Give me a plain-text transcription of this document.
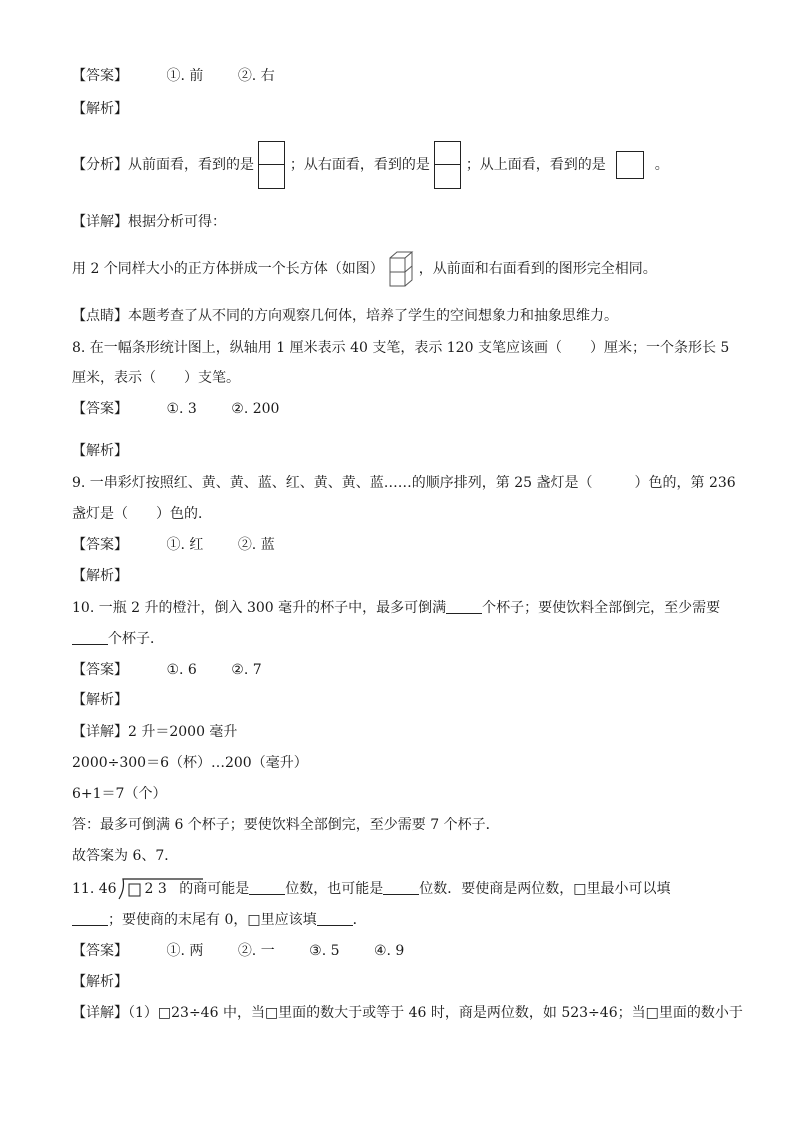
【答案】	①. 前 ②. 右
【解析】
【分析】从前面看，看到的是	；从右面看，看到的是	；从上面看，看到的是	。
【详解】根据分析可得：
用 2 个同样大小的正方体拼成一个长方体（如图） ，从前面和右面看到的图形完全相同。
【点睛】本题考查了从不同的方向观察几何体，培养了学生的空间想象力和抽象思维力。
8. 在一幅条形统计图上，纵轴用 1 厘米表示 40 支笔，表示 120 支笔应该画（　　）厘米；一个条形长 5
厘米，表示（　　）支笔。
【答案】	①. 3 ②. 200
【解析】
9. 一串彩灯按照红、黄、黄、蓝、红、黄、黄、蓝……的顺序排列，第 25 盏灯是（　　　）色的，第 236
盏灯是（　　）色的．
【答案】	①. 红 ②. 蓝
【解析】
10. 一瓶 2 升的橙汁，倒入 300 毫升的杯子中，最多可倒满	个杯子；要使饮料全部倒完，至少需要
个杯子．
【答案】	①. 6 ②. 7
【解析】
【详解】2 升＝2000 毫升
2000÷300＝6（杯）…200（毫升）
6+1＝7（个）
答：最多可倒满 6 个杯子；要使饮料全部倒完，至少需要 7 个杯子．
故答案为 6、7．
11. 46 2 3 的商可能是	位数，也可能是	位数．要使商是两位数，□里最小可以填
；要使商的末尾有 0，□里应该填	．
【答案】	①. 两 ②. 一 ③. 5 ④. 9
【解析】
【详解】（1）□23÷46 中，当□里面的数大于或等于 46 时，商是两位数，如 523÷46；当□里面的数小于
